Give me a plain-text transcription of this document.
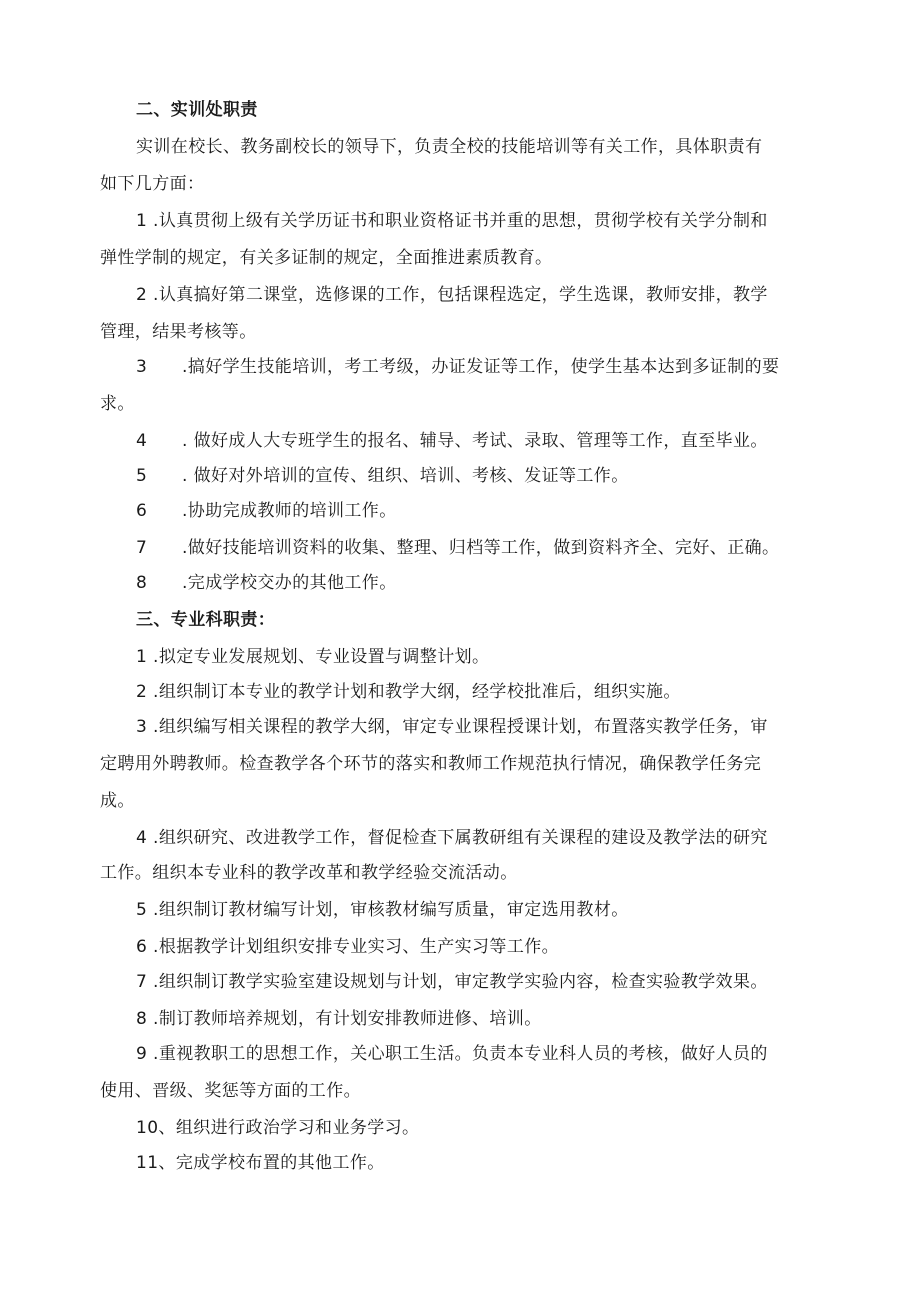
二、实训处职责
实训在校长、教务副校长的领导下，负责全校的技能培训等有关工作，具体职责有
如下几方面：
1 .认真贯彻上级有关学历证书和职业资格证书并重的思想，贯彻学校有关学分制和
弹性学制的规定，有关多证制的规定，全面推进素质教育。
2 .认真搞好第二课堂，选修课的工作，包括课程选定，学生选课，教师安排，教学
管理，结果考核等。
3 .搞好学生技能培训，考工考级，办证发证等工作，使学生基本达到多证制的要
求。
4 . 做好成人大专班学生的报名、辅导、考试、录取、管理等工作，直至毕业。
5 . 做好对外培训的宣传、组织、培训、考核、发证等工作。
6 .协助完成教师的培训工作。
7 .做好技能培训资料的收集、整理、归档等工作，做到资料齐全、完好、正确。
8 .完成学校交办的其他工作。
三、专业科职责：
1 .拟定专业发展规划、专业设置与调整计划。
2 .组织制订本专业的教学计划和教学大纲，经学校批准后，组织实施。
3 .组织编写相关课程的教学大纲，审定专业课程授课计划，布置落实教学任务，审
定聘用外聘教师。检查教学各个环节的落实和教师工作规范执行情况，确保教学任务完
成。
4 .组织研究、改进教学工作，督促检查下属教研组有关课程的建设及教学法的研究
工作。组织本专业科的教学改革和教学经验交流活动。
5 .组织制订教材编写计划，审核教材编写质量，审定选用教材。
6 .根据教学计划组织安排专业实习、生产实习等工作。
7 .组织制订教学实验室建设规划与计划，审定教学实验内容，检查实验教学效果。
8 .制订教师培养规划，有计划安排教师进修、培训。
9 .重视教职工的思想工作，关心职工生活。负责本专业科人员的考核，做好人员的
使用、晋级、奖惩等方面的工作。
10、组织进行政治学习和业务学习。
11、完成学校布置的其他工作。
